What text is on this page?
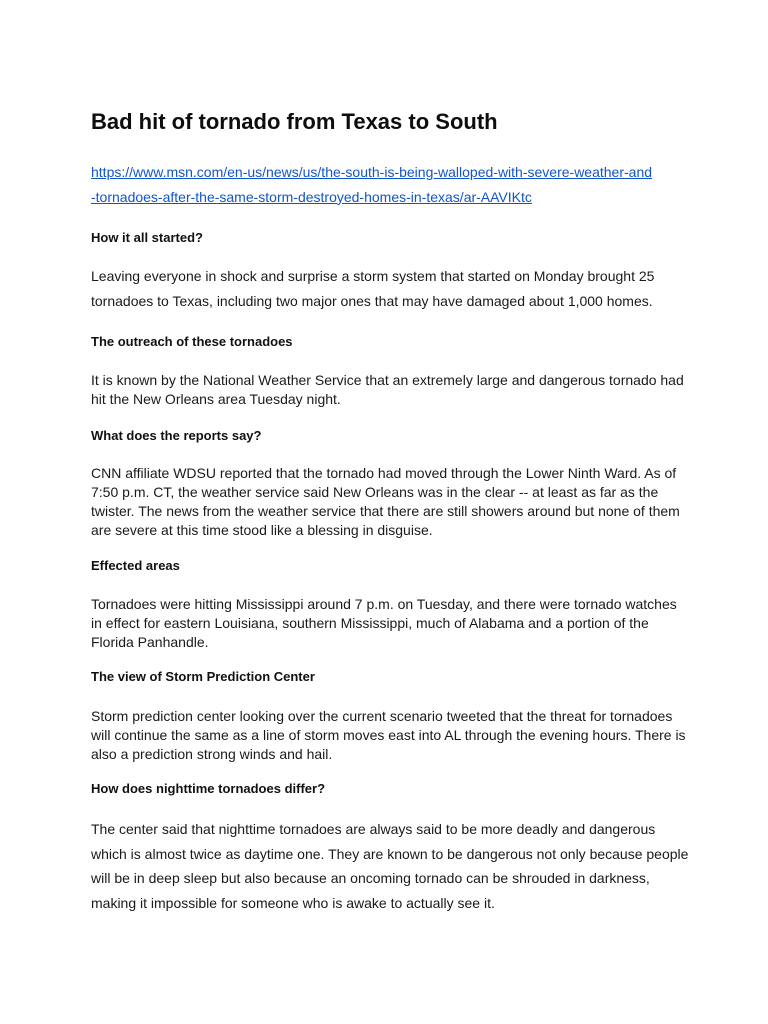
Bad hit of tornado from Texas to South
https://www.msn.com/en-us/news/us/the-south-is-being-walloped-with-severe-weather-and-tornadoes-after-the-same-storm-destroyed-homes-in-texas/ar-AAVIKtc
How it all started?

Leaving everyone in shock and surprise a storm system that started on Monday brought 25 tornadoes to Texas, including two major ones that may have damaged about 1,000 homes.

The outreach of these tornadoes

It is known by the National Weather Service that an extremely large and dangerous tornado had hit the New Orleans area Tuesday night.

What does the reports say?

CNN affiliate WDSU reported that the tornado had moved through the Lower Ninth Ward. As of 7:50 p.m. CT, the weather service said New Orleans was in the clear -- at least as far as the twister. The news from the weather service that there are still showers around but none of them are severe at this time stood like a blessing in disguise.

Effected areas

Tornadoes were hitting Mississippi around 7 p.m. on Tuesday, and there were tornado watches in effect for eastern Louisiana, southern Mississippi, much of Alabama and a portion of the Florida Panhandle.

The view of Storm Prediction Center

Storm prediction center looking over the current scenario tweeted that the threat for tornadoes will continue the same as a line of storm moves east into AL through the evening hours. There is also a prediction strong winds and hail.

How does nighttime tornadoes differ?

The center said that nighttime tornadoes are always said to be more deadly and dangerous which is almost twice as daytime one. They are known to be dangerous not only because people will be in deep sleep but also because an oncoming tornado can be shrouded in darkness, making it impossible for someone who is awake to actually see it.
